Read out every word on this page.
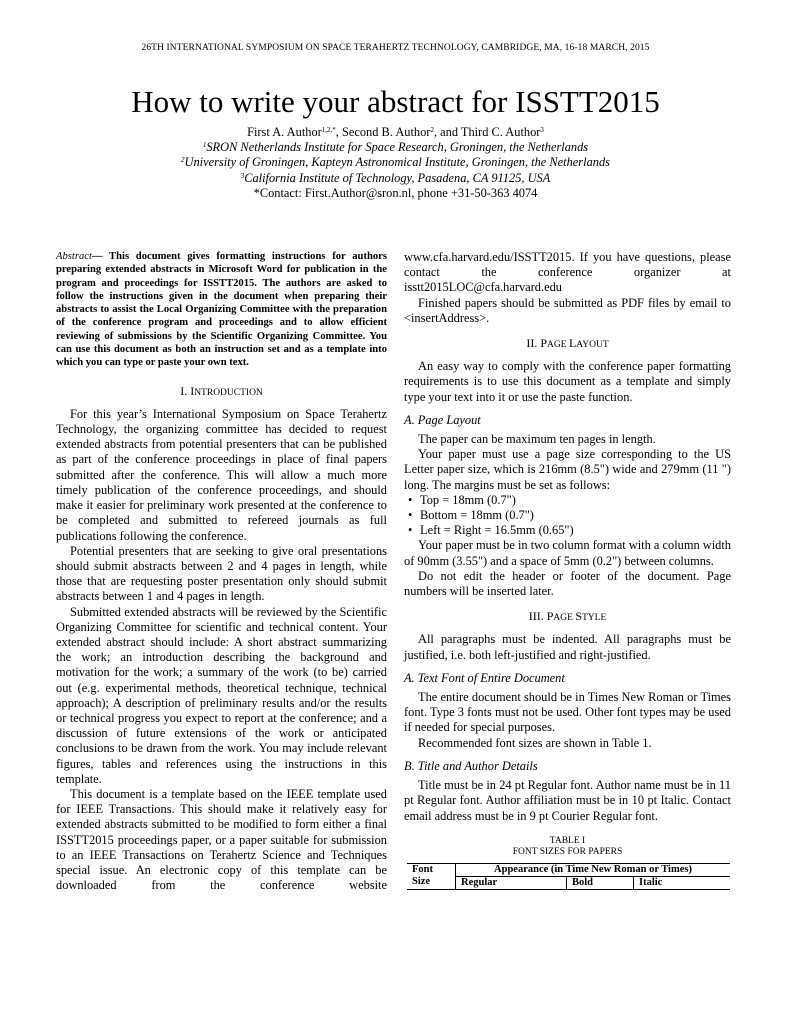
26TH INTERNATIONAL SYMPOSIUM ON SPACE TERAHERTZ TECHNOLOGY, CAMBRIDGE, MA, 16-18 MARCH, 2015
How to write your abstract for ISSTT2015
First A. Author$^{1,2,*}$, Second B. Author$^2$, and Third C. Author$^3$
$^1$SRON Netherlands Institute for Space Research, Groningen, the Netherlands
$^2$University of Groningen, Kapteyn Astronomical Institute, Groningen, the Netherlands
$^3$California Institute of Technology, Pasadena, CA 91125, USA
*Contact: First.Author@sron.nl, phone +31-50-363 4074

Abstract— This document gives formatting instructions for authors preparing extended abstracts in Microsoft Word for publication in the program and proceedings for ISSTT2015. The authors are asked to follow the instructions given in the document when preparing their abstracts to assist the Local Organizing Committee with the preparation of the conference program and proceedings and to allow efficient reviewing of submissions by the Scientific Organizing Committee. You can use this document as both an instruction set and as a template into which you can type or paste your own text.

I. INTRODUCTION

For this year’s International Symposium on Space Terahertz Technology, the organizing committee has decided to request extended abstracts from potential presenters that can be published as part of the conference proceedings in place of final papers submitted after the conference. This will allow a much more timely publication of the conference proceedings, and should make it easier for preliminary work presented at the conference to be completed and submitted to refereed journals as full publications following the conference.

Potential presenters that are seeking to give oral presentations should submit abstracts between 2 and 4 pages in length, while those that are requesting poster presentation only should submit abstracts between 1 and 4 pages in length.

Submitted extended abstracts will be reviewed by the Scientific Organizing Committee for scientific and technical content. Your extended abstract should include: A short abstract summarizing the work; an introduction describing the background and motivation for the work; a summary of the work (to be) carried out (e.g. experimental methods, theoretical technique, technical approach); A description of preliminary results and/or the results or technical progress you expect to report at the conference; and a discussion of future extensions of the work or anticipated conclusions to be drawn from the work. You may include relevant figures, tables and references using the instructions in this template.

This document is a template based on the IEEE template used for IEEE Transactions. This should make it relatively easy for extended abstracts submitted to be modified to form either a final ISSTT2015 proceedings paper, or a paper suitable for submission to an IEEE Transactions on Terahertz Science and Techniques special issue. An electronic copy of this template can be downloaded from the conference website

www.cfa.harvard.edu/ISSTT2015. If you have questions, please contact the conference organizer at isstt2015LOC@cfa.harvard.edu

Finished papers should be submitted as PDF files by email to <insertAddress>.

II. PAGE LAYOUT

An easy way to comply with the conference paper formatting requirements is to use this document as a template and simply type your text into it or use the paste function.

A. Page Layout

The paper can be maximum ten pages in length.

Your paper must use a page size corresponding to the US Letter paper size, which is 216mm (8.5") wide and 279mm (11 ") long. The margins must be set as follows:

• Top = 18mm (0.7")
• Bottom = 18mm (0.7")
• Left = Right = 16.5mm (0.65")

Your paper must be in two column format with a column width of 90mm (3.55") and a space of 5mm (0.2") between columns.

Do not edit the header or footer of the document. Page numbers will be inserted later.

III. PAGE STYLE

All paragraphs must be indented. All paragraphs must be justified, i.e. both left-justified and right-justified.

A. Text Font of Entire Document

The entire document should be in Times New Roman or Times font. Type 3 fonts must not be used. Other font types may be used if needed for special purposes.

Recommended font sizes are shown in Table 1.

B. Title and Author Details

Title must be in 24 pt Regular font. Author name must be in 11 pt Regular font. Author affiliation must be in 10 pt Italic. Contact email address must be in 9 pt Courier Regular font.

TABLE I
FONT SIZES FOR PAPERS
Font	Appearance (in Time New Roman or Times)		
Size	Regular	Bold	Italic
